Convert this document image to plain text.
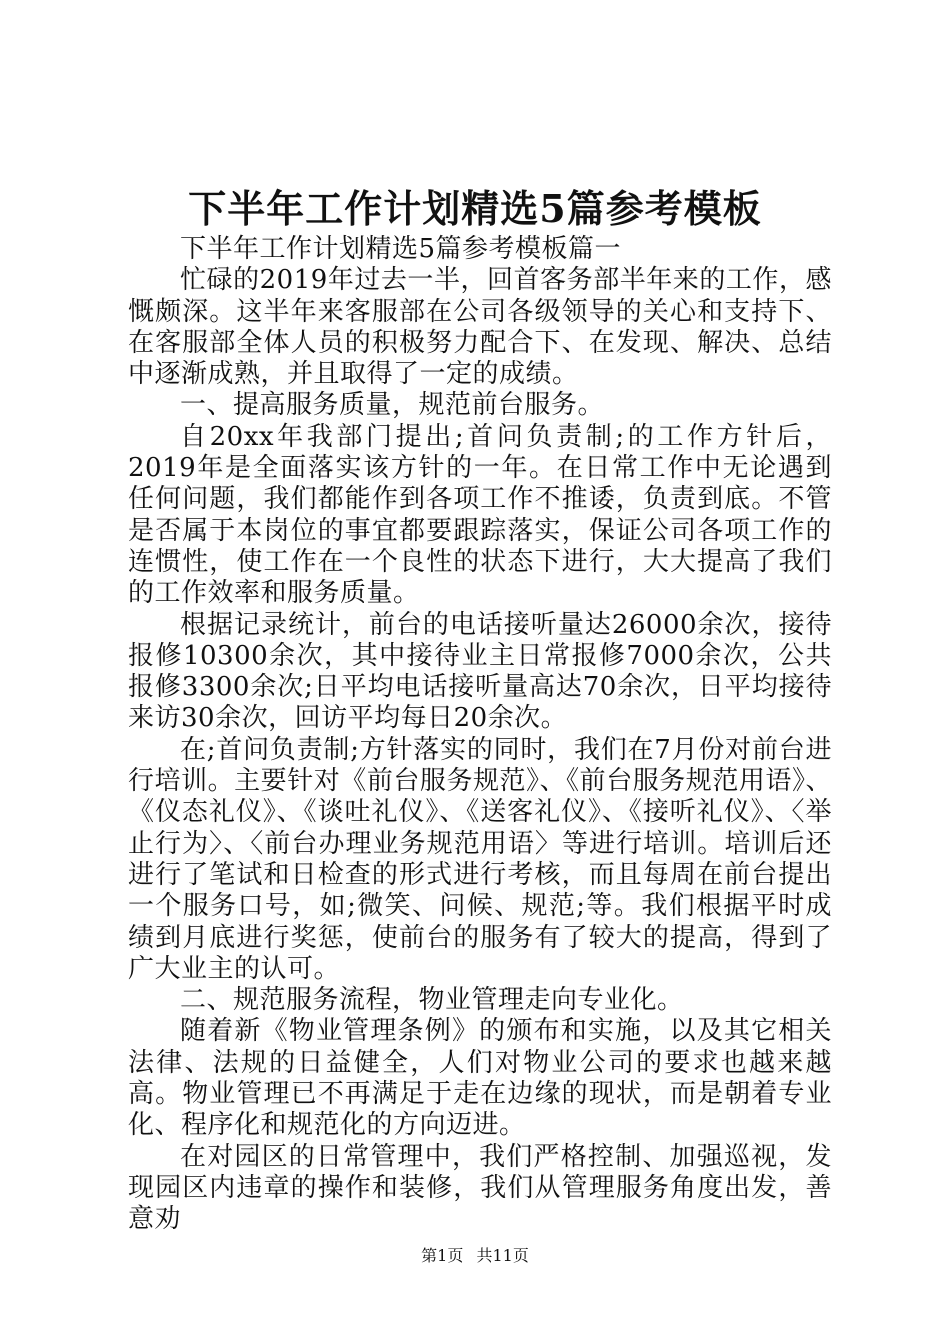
下半年工作计划精选5篇参考模板

下半年工作计划精选5篇参考模板篇一

忙碌的2019年过去一半，回首客务部半年来的工作，感慨颇深。这半年来客服部在公司各级领导的关心和支持下、在客服部全体人员的积极努力配合下、在发现、解决、总结中逐渐成熟，并且取得了一定的成绩。

一、提高服务质量，规范前台服务。

自20xx年我部门提出;首问负责制;的工作方针后，2019年是全面落实该方针的一年。在日常工作中无论遇到任何问题，我们都能作到各项工作不推诿，负责到底。不管是否属于本岗位的事宜都要跟踪落实，保证公司各项工作的连惯性，使工作在一个良性的状态下进行，大大提高了我们的工作效率和服务质量。

根据记录统计，前台的电话接听量达26000余次，接待报修10300余次，其中接待业主日常报修7000余次，公共报修3300余次;日平均电话接听量高达70余次，日平均接待来访30余次，回访平均每日20余次。

在;首问负责制;方针落实的同时，我们在7月份对前台进行培训。主要针对《前台服务规范》、《前台服务规范用语》、《仪态礼仪》、《谈吐礼仪》、《送客礼仪》、《接听礼仪》、〈举止行为〉、〈前台办理业务规范用语〉等进行培训。培训后还进行了笔试和日检查的形式进行考核，而且每周在前台提出一个服务口号，如;微笑、问候、规范;等。我们根据平时成绩到月底进行奖惩，使前台的服务有了较大的提高，得到了广大业主的认可。

二、规范服务流程，物业管理走向专业化。

随着新《物业管理条例》的颁布和实施，以及其它相关法律、法规的日益健全，人们对物业公司的要求也越来越高。物业管理已不再满足于走在边缘的现状，而是朝着专业化、程序化和规范化的方向迈进。

在对园区的日常管理中，我们严格控制、加强巡视，发现园区内违章的操作和装修，我们从管理服务角度出发，善意劝

第1页 共11页
